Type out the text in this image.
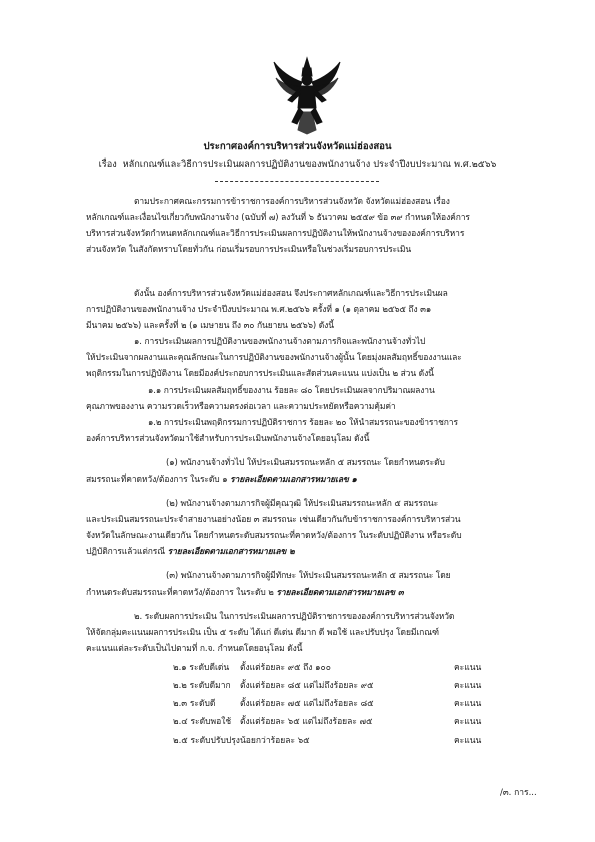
ประกาศองค์การบริหารส่วนจังหวัดแม่ฮ่องสอน
เรื่อง หลักเกณฑ์และวิธีการประเมินผลการปฏิบัติงานของพนักงานจ้าง ประจำปีงบประมาณ พ.ศ.๒๕๖๖
ตามประกาศคณะกรรมการข้าราชการองค์การบริหารส่วนจังหวัด จังหวัดแม่ฮ่องสอน เรื่อง
หลักเกณฑ์และเงื่อนไขเกี่ยวกับพนักงานจ้าง (ฉบับที่ ๗) ลงวันที่ ๖ ธันวาคม ๒๕๕๙ ข้อ ๓๙ กำหนดให้องค์การ
บริหารส่วนจังหวัดกำหนดหลักเกณฑ์และวิธีการประเมินผลการปฏิบัติงานให้พนักงานจ้างขององค์การบริหาร
ส่วนจังหวัด ในสังกัดทราบโดยทั่วกัน ก่อนเริ่มรอบการประเมินหรือในช่วงเริ่มรอบการประเมิน
ดังนั้น องค์การบริหารส่วนจังหวัดแม่ฮ่องสอน จึงประกาศหลักเกณฑ์และวิธีการประเมินผล
การปฏิบัติงานของพนักงานจ้าง ประจำปีงบประมาณ พ.ศ.๒๕๖๖ ครั้งที่ ๑ (๑ ตุลาคม ๒๕๖๕ ถึง ๓๑
มีนาคม ๒๕๖๖) และครั้งที่ ๒ (๑ เมษายน ถึง ๓๐ กันยายน ๒๕๖๖) ดังนี้
๑. การประเมินผลการปฏิบัติงานของพนักงานจ้างตามภารกิจและพนักงานจ้างทั่วไป
ให้ประเมินจากผลงานและคุณลักษณะในการปฏิบัติงานของพนักงานจ้างผู้นั้น โดยมุ่งผลสัมฤทธิ์ของงานและ
พฤติกรรมในการปฏิบัติงาน โดยมีองค์ประกอบการประเมินและสัดส่วนคะแนน แบ่งเป็น ๒ ส่วน ดังนี้
๑.๑ การประเมินผลสัมฤทธิ์ของงาน ร้อยละ ๘๐ โดยประเมินผลจากปริมาณผลงาน
คุณภาพของงาน ความรวดเร็วหรือความตรงต่อเวลา และความประหยัดหรือความคุ้มค่า
๑.๒ การประเมินพฤติกรรมการปฏิบัติราชการ ร้อยละ ๒๐ ให้นำสมรรถนะของข้าราชการ
องค์การบริหารส่วนจังหวัดมาใช้สำหรับการประเมินพนักงานจ้างโดยอนุโลม ดังนี้
(๑) พนักงานจ้างทั่วไป ให้ประเมินสมรรถนะหลัก ๕ สมรรถนะ โดยกำหนดระดับ
สมรรถนะที่คาดหวัง/ต้องการ ในระดับ ๑ รายละเอียดตามเอกสารหมายเลข ๑
(๒) พนักงานจ้างตามภารกิจผู้มีคุณวุฒิ ให้ประเมินสมรรถนะหลัก ๕ สมรรถนะ
และประเมินสมรรถนะประจำสายงานอย่างน้อย ๓ สมรรถนะ เช่นเดียวกันกับข้าราชการองค์การบริหารส่วน
จังหวัดในลักษณะงานเดียวกัน โดยกำหนดระดับสมรรถนะที่คาดหวัง/ต้องการ ในระดับปฏิบัติงาน หรือระดับ
ปฏิบัติการแล้วแต่กรณี รายละเอียดตามเอกสารหมายเลข ๒
(๓) พนักงานจ้างตามภารกิจผู้มีทักษะ ให้ประเมินสมรรถนะหลัก ๕ สมรรถนะ โดย
กำหนดระดับสมรรถนะที่คาดหวัง/ต้องการ ในระดับ ๒ รายละเอียดตามเอกสารหมายเลข ๓
๒. ระดับผลการประเมิน ในการประเมินผลการปฏิบัติราชการขององค์การบริหารส่วนจังหวัด
ให้จัดกลุ่มคะแนนผลการประเมิน เป็น ๕ ระดับ ได้แก่ ดีเด่น ดีมาก ดี พอใช้ และปรับปรุง โดยมีเกณฑ์
คะแนนแต่ละระดับเป็นไปตามที่ ก.จ. กำหนดโดยอนุโลม ดังนี้
๒.๑ ระดับดีเด่น ตั้งแต่ร้อยละ ๙๕ ถึง ๑๐๐	คะแนน
๒.๒ ระดับดีมาก ตั้งแต่ร้อยละ ๘๕ แต่ไม่ถึงร้อยละ ๙๕	คะแนน
๒.๓ ระดับดี	ตั้งแต่ร้อยละ ๗๕ แต่ไม่ถึงร้อยละ ๘๕	คะแนน
๒.๔ ระดับพอใช้ ตั้งแต่ร้อยละ ๖๕ แต่ไม่ถึงร้อยละ ๗๕	คะแนน
๒.๕ ระดับปรับปรุง น้อยกว่าร้อยละ ๖๕	คะแนน
/๓. การ...
